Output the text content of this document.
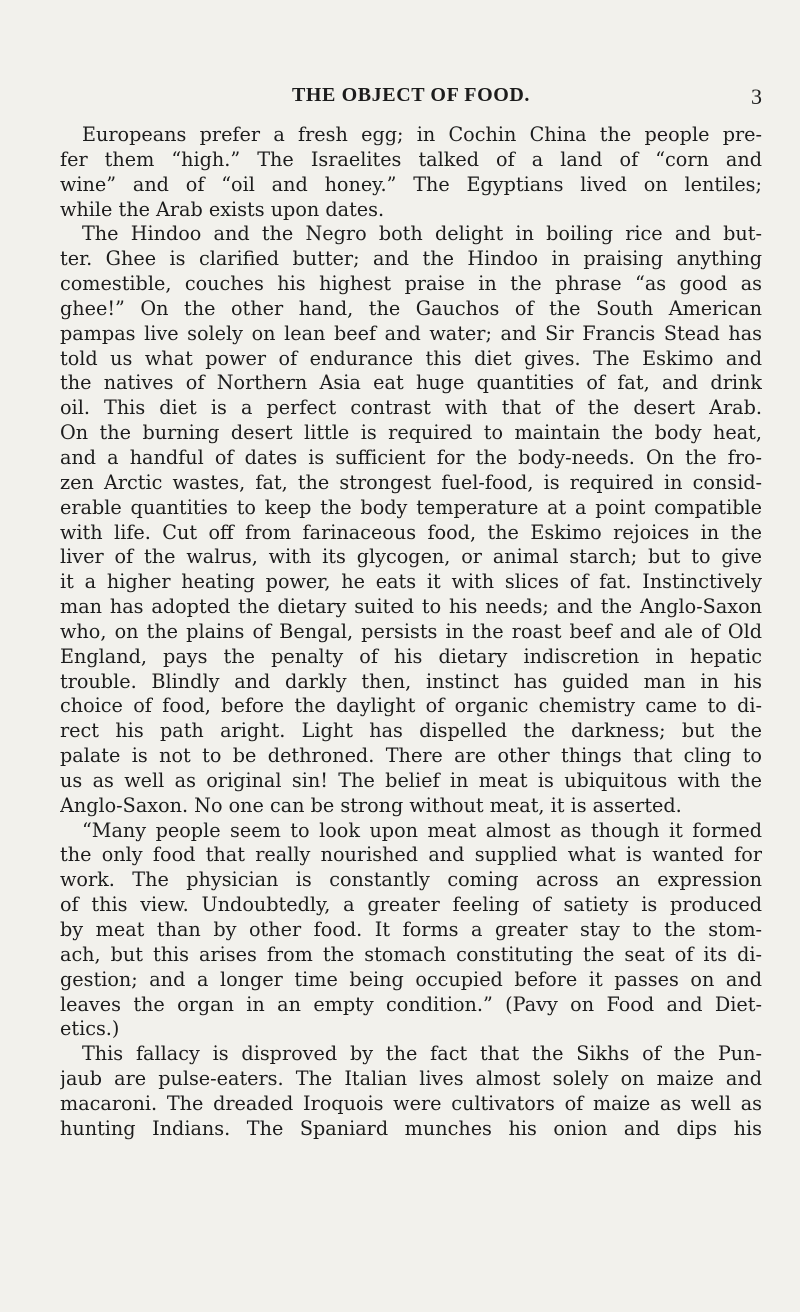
THE OBJECT OF FOOD.	3
Europeans prefer a fresh egg; in Cochin China the people pre-
fer them “high.” The Israelites talked of a land of “corn and
wine” and of “oil and honey.” The Egyptians lived on lentiles;
while the Arab exists upon dates.
The Hindoo and the Negro both delight in boiling rice and but-
ter. Ghee is clarified butter; and the Hindoo in praising anything
comestible, couches his highest praise in the phrase “as good as
ghee!” On the other hand, the Gauchos of the South American
pampas live solely on lean beef and water; and Sir Francis Stead has
told us what power of endurance this diet gives. The Eskimo and
the natives of Northern Asia eat huge quantities of fat, and drink
oil. This diet is a perfect contrast with that of the desert Arab.
On the burning desert little is required to maintain the body heat,
and a handful of dates is sufficient for the body-needs. On the fro-
zen Arctic wastes, fat, the strongest fuel-food, is required in consid-
erable quantities to keep the body temperature at a point compatible
with life. Cut off from farinaceous food, the Eskimo rejoices in the
liver of the walrus, with its glycogen, or animal starch; but to give
it a higher heating power, he eats it with slices of fat. Instinctively
man has adopted the dietary suited to his needs; and the Anglo-Saxon
who, on the plains of Bengal, persists in the roast beef and ale of Old
England, pays the penalty of his dietary indiscretion in hepatic
trouble. Blindly and darkly then, instinct has guided man in his
choice of food, before the daylight of organic chemistry came to di-
rect his path aright. Light has dispelled the darkness; but the
palate is not to be dethroned. There are other things that cling to
us as well as original sin! The belief in meat is ubiquitous with the
Anglo-Saxon. No one can be strong without meat, it is asserted.
“Many people seem to look upon meat almost as though it formed
the only food that really nourished and supplied what is wanted for
work. The physician is constantly coming across an expression
of this view. Undoubtedly, a greater feeling of satiety is produced
by meat than by other food. It forms a greater stay to the stom-
ach, but this arises from the stomach constituting the seat of its di-
gestion; and a longer time being occupied before it passes on and
leaves the organ in an empty condition.” (Pavy on Food and Diet-
etics.)
This fallacy is disproved by the fact that the Sikhs of the Pun-
jaub are pulse-eaters. The Italian lives almost solely on maize and
macaroni. The dreaded Iroquois were cultivators of maize as well as
hunting Indians. The Spaniard munches his onion and dips his
